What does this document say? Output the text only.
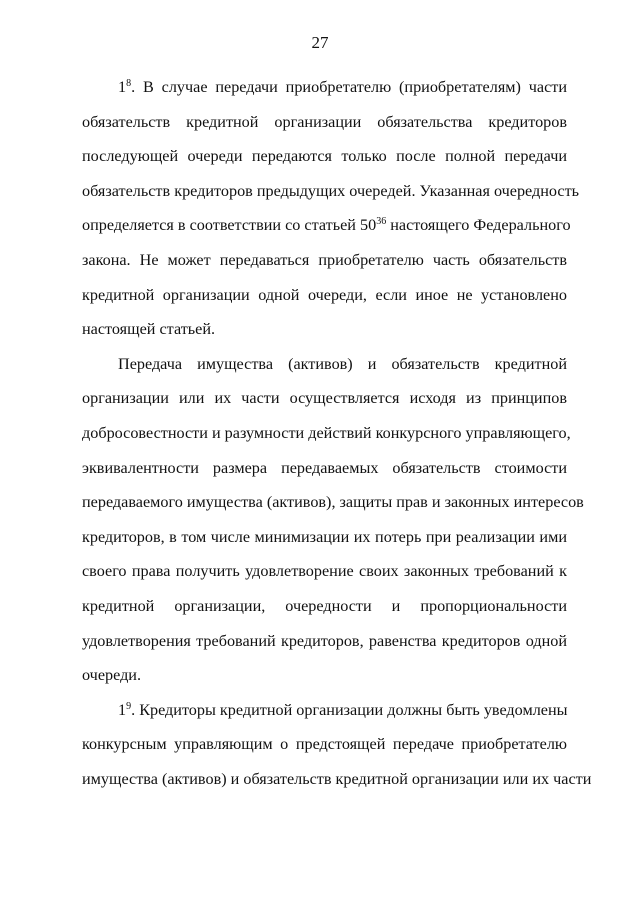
27
$1^8$. В случае передачи приобретателю (приобретателям) части
обязательств кредитной организации обязательства кредиторов
последующей очереди передаются только после полной передачи
обязательств кредиторов предыдущих очередей. Указанная очередность
определяется в соответствии со статьей $50^{36}$ настоящего Федерального
закона. Не может передаваться приобретателю часть обязательств
кредитной организации одной очереди, если иное не установлено
настоящей статьей.
Передача имущества (активов) и обязательств кредитной
организации или их части осуществляется исходя из принципов
добросовестности и разумности действий конкурсного управляющего,
эквивалентности размера передаваемых обязательств стоимости
передаваемого имущества (активов), защиты прав и законных интересов
кредиторов, в том числе минимизации их потерь при реализации ими
своего права получить удовлетворение своих законных требований к
кредитной организации, очередности и пропорциональности
удовлетворения требований кредиторов, равенства кредиторов одной
очереди.
$1^9$. Кредиторы кредитной организации должны быть уведомлены
конкурсным управляющим о предстоящей передаче приобретателю
имущества (активов) и обязательств кредитной организации или их части
